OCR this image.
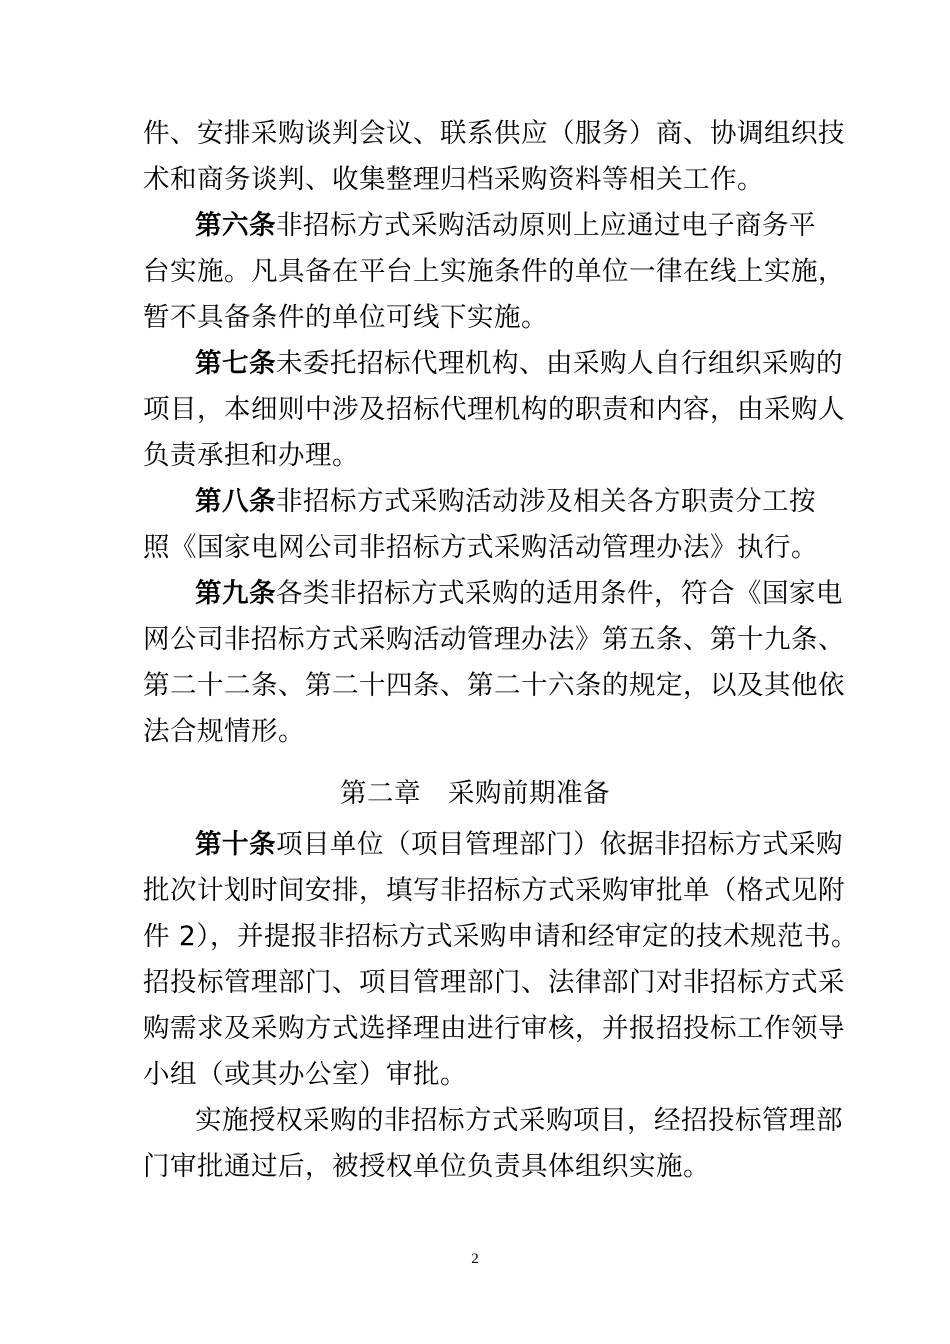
件、安排采购谈判会议、联系供应（服务）商、协调组织技
术和商务谈判、收集整理归档采购资料等相关工作。
第六条非招标方式采购活动原则上应通过电子商务平
台实施。凡具备在平台上实施条件的单位一律在线上实施，
暂不具备条件的单位可线下实施。
第七条未委托招标代理机构、由采购人自行组织采购的
项目，本细则中涉及招标代理机构的职责和内容，由采购人
负责承担和办理。
第八条非招标方式采购活动涉及相关各方职责分工按
照《国家电网公司非招标方式采购活动管理办法》执行。
第九条各类非招标方式采购的适用条件，符合《国家电
网公司非招标方式采购活动管理办法》第五条、第十九条、
第二十二条、第二十四条、第二十六条的规定，以及其他依
法合规情形。
第二章　采购前期准备
第十条项目单位（项目管理部门）依据非招标方式采购
批次计划时间安排，填写非招标方式采购审批单（格式见附
件 2），并提报非招标方式采购申请和经审定的技术规范书。
招投标管理部门、项目管理部门、法律部门对非招标方式采
购需求及采购方式选择理由进行审核，并报招投标工作领导
小组（或其办公室）审批。
实施授权采购的非招标方式采购项目，经招投标管理部
门审批通过后，被授权单位负责具体组织实施。
2
